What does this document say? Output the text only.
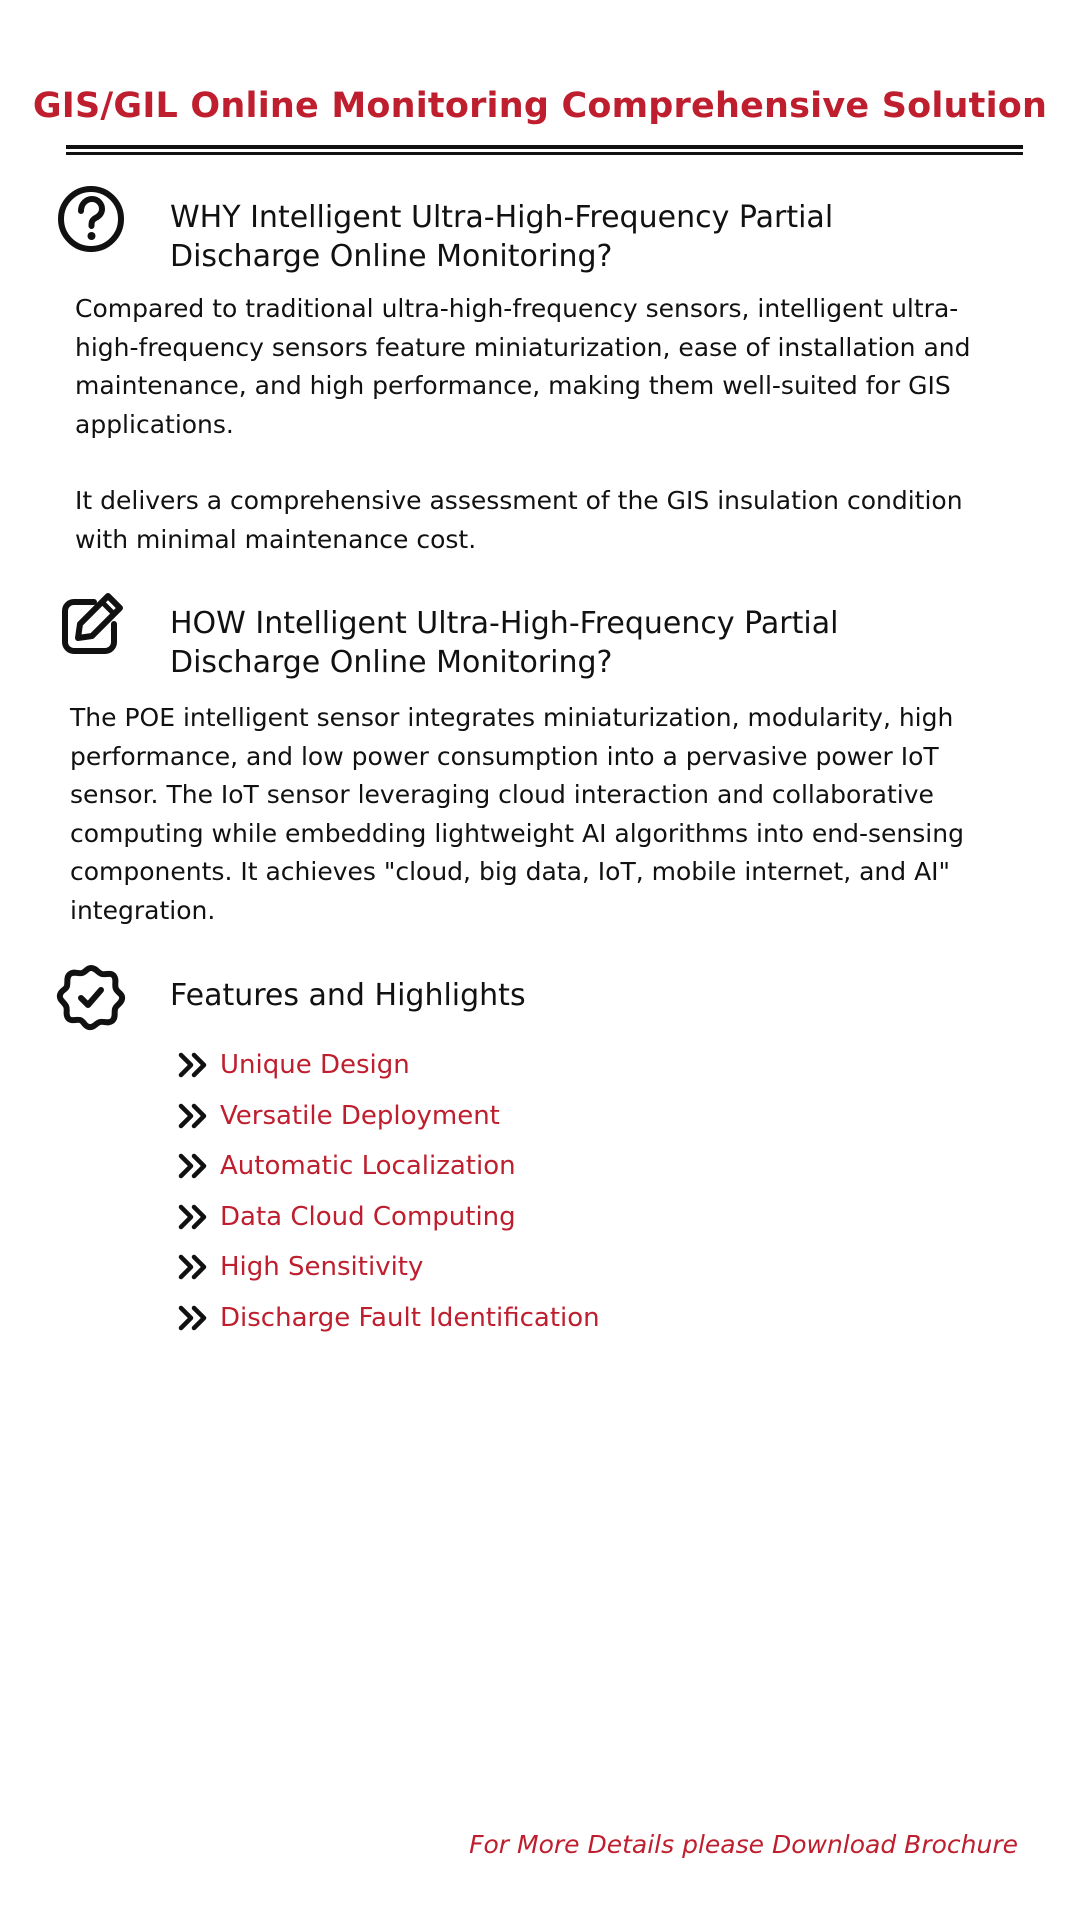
GIS/GIL Online Monitoring Comprehensive Solution
WHY Intelligent Ultra-High-Frequency Partial
Discharge Online Monitoring?
Compared to traditional ultra-high-frequency sensors, intelligent ultra-
high-frequency sensors feature miniaturization, ease of installation and
maintenance, and high performance, making them well-suited for GIS
applications.
It delivers a comprehensive assessment of the GIS insulation condition
with minimal maintenance cost.
HOW Intelligent Ultra-High-Frequency Partial
Discharge Online Monitoring?
The POE intelligent sensor integrates miniaturization, modularity, high
performance, and low power consumption into a pervasive power IoT
sensor. The IoT sensor leveraging cloud interaction and collaborative
computing while embedding lightweight AI algorithms into end-sensing
components. It achieves "cloud, big data, IoT, mobile internet, and AI"
integration.
Features and Highlights
Unique Design
Versatile Deployment
Automatic Localization
Data Cloud Computing
High Sensitivity
Discharge Fault Identification
For More Details please Download Brochure
